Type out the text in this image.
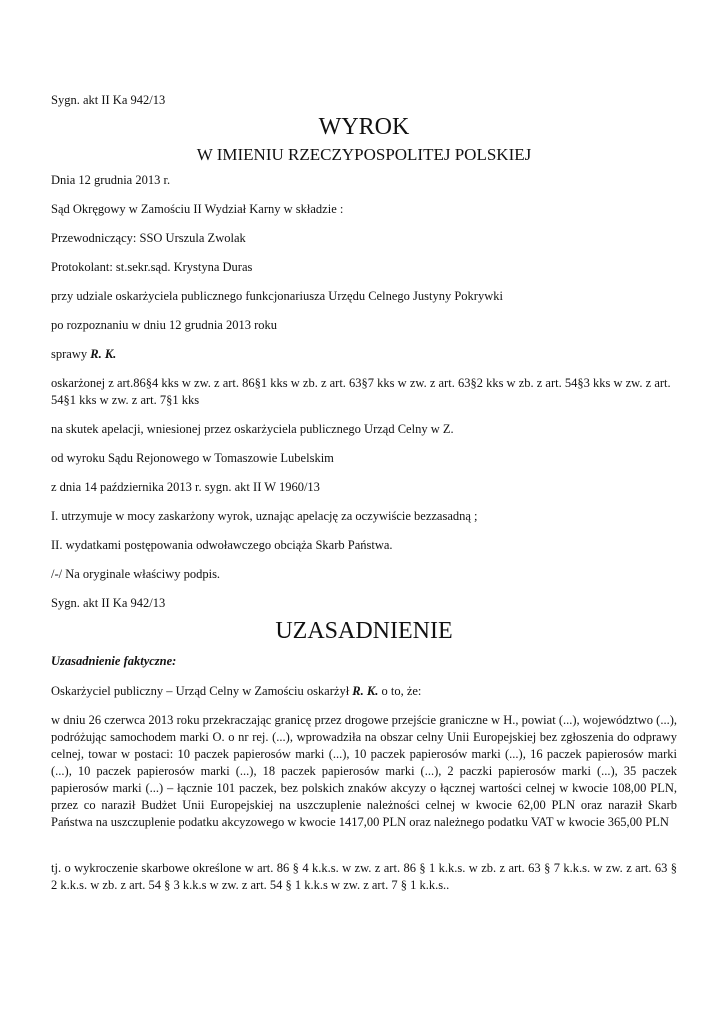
Sygn. akt II Ka 942/13

WYROK
W IMIENIU RZECZYPOSPOLITEJ POLSKIEJ

Dnia 12 grudnia 2013 r.

Sąd Okręgowy w Zamościu II Wydział Karny w składzie :

Przewodniczący: SSO Urszula Zwolak

Protokolant: st.sekr.sąd. Krystyna Duras

przy udziale oskarżyciela publicznego funkcjonariusza Urzędu Celnego Justyny Pokrywki

po rozpoznaniu w dniu 12 grudnia 2013 roku

sprawy R. K.

oskarżonej z art.86§4 kks w zw. z art. 86§1 kks w zb. z art. 63§7 kks w zw. z art. 63§2 kks w zb. z art. 54§3 kks w zw. z art. 54§1 kks w zw. z art. 7§1 kks

na skutek apelacji, wniesionej przez oskarżyciela publicznego Urząd Celny w Z.

od wyroku Sądu Rejonowego w Tomaszowie Lubelskim

z dnia 14 października 2013 r. sygn. akt II W 1960/13

I. utrzymuje w mocy zaskarżony wyrok, uznając apelację za oczywiście bezzasadną ;

II. wydatkami postępowania odwoławczego obciąża Skarb Państwa.

/-/ Na oryginale właściwy podpis.

Sygn. akt II Ka 942/13

UZASADNIENIE

Uzasadnienie faktyczne:

Oskarżyciel publiczny – Urząd Celny w Zamościu oskarżył R. K. o to, że:

w dniu 26 czerwca 2013 roku przekraczając granicę przez drogowe przejście graniczne w H., powiat (...), województwo (...), podróżując samochodem marki O. o nr rej. (...), wprowadziła na obszar celny Unii Europejskiej bez zgłoszenia do odprawy celnej, towar w postaci: 10 paczek papierosów marki (...), 10 paczek papierosów marki (...), 16 paczek papierosów marki (...), 10 paczek papierosów marki (...), 18 paczek papierosów marki (...), 2 paczki papierosów marki (...), 35 paczek papierosów marki (...) – łącznie 101 paczek, bez polskich znaków akcyzy o łącznej wartości celnej w kwocie 108,00 PLN, przez co naraził Budżet Unii Europejskiej na uszczuplenie należności celnej w kwocie 62,00 PLN oraz naraził Skarb Państwa na uszczuplenie podatku akcyzowego w kwocie 1417,00 PLN oraz należnego podatku VAT w kwocie 365,00 PLN

tj. o wykroczenie skarbowe określone w art. 86 § 4 k.k.s. w zw. z art. 86 § 1 k.k.s. w zb. z art. 63 § 7 k.k.s. w zw. z art. 63 § 2 k.k.s. w zb. z art. 54 § 3 k.k.s w zw. z art. 54 § 1 k.k.s w zw. z art. 7 § 1 k.k.s..
